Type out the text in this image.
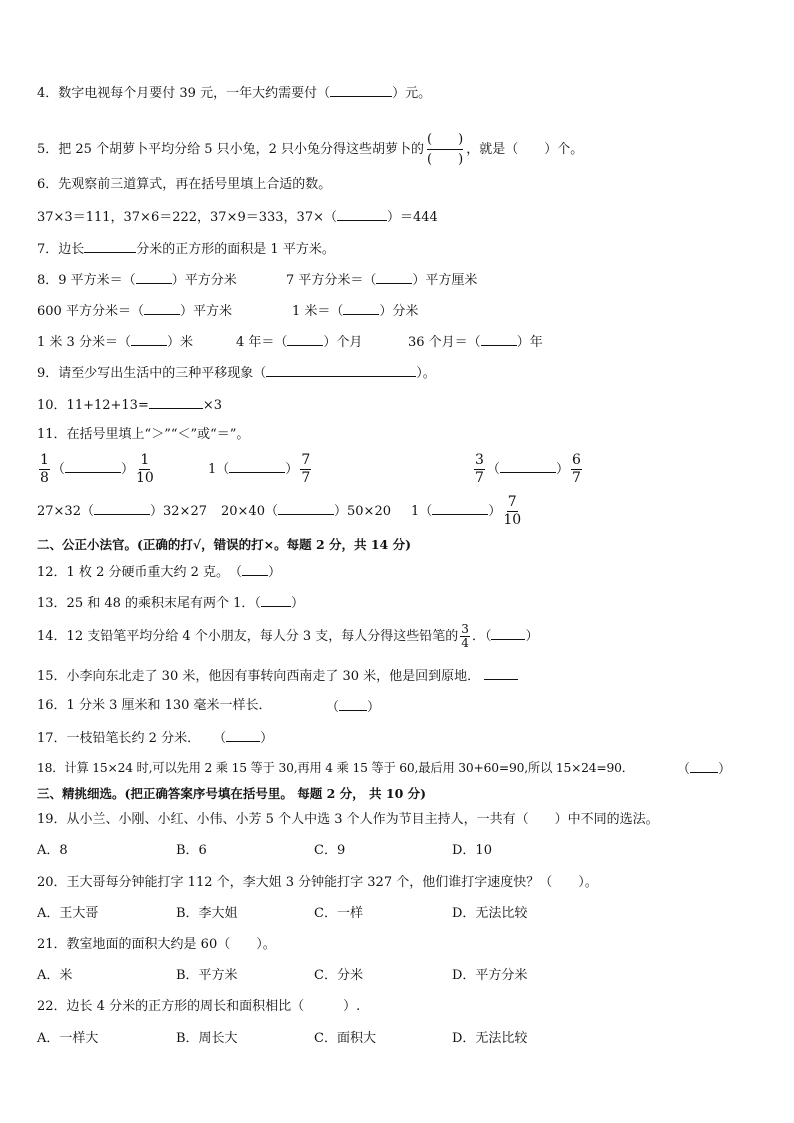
4．数字电视每个月要付 39 元，一年大约需要付（	）元。
5．把 25 个胡萝卜平均分给 5 只小兔，2 只小兔分得这些胡萝卜的
(　　)
(　　)
，就是（　　）个。
6．先观察前三道算式，再在括号里填上合适的数。
37×3＝111，37×6＝222，37×9＝333，37×（	）＝444
7．边长	分米的正方形的面积是 1 平方米。
8．9 平方米＝（	）平方分米	7 平方分米＝（	）平方厘米
600 平方分米＝（	）平方米	1 米＝（	）分米
1 米 3 分米＝（	）米	4 年＝（	）个月	36 个月＝（	）年
9．请至少写出生活中的三种平移现象（	）。
10．11+12+13=	×3
11．在括号里填上“＞”“＜”或“＝”。
$\frac{1}{8}$ （	） $\frac{1}{10}$	1（	） $\frac{7}{7}$	$\frac{3}{7}$ （	） $\frac{6}{7}$
27×32（	）32×27 20×40（	）50×20 1（	） $\frac{7}{10}$
二、公正小法官。(正确的打√，错误的打×。每题 2 分，共 14 分)
12．1 枚 2 分硬币重大约 2 克。　（ ）
13．25 和 48 的乘积末尾有两个 1．（ ）
14．12 支铅笔平均分给 4 个小朋友，每人分 3 支，每人分得这些铅笔的 $\frac{3}{4}$ ．（	）
15．小李向东北走了 30 米，他因有事转向西南走了 30 米，他是回到原地．
16．1 分米 3 厘米和 130 毫米一样长．	（ ）
17．一枝铅笔长约 2 分米．　　（	）
18．计算 15×24 时,可以先用 2 乘 15 等于 30,再用 4 乘 15 等于 60,最后用 30+60=90,所以 15×24=90．	（ ）
三、精挑细选。(把正确答案序号填在括号里。 每题 2 分， 共 10 分)
19．从小兰、小刚、小红、小伟、小芳 5 个人中选 3 个人作为节目主持人，一共有（　　）中不同的选法。
A．8	B．6	C．9	D．10
20．王大哥每分钟能打字 112 个，李大姐 3 分钟能打字 327 个，他们谁打字速度快？（　　）。
A．王大哥	B．李大姐	C．一样	D．无法比较
21．教室地面的面积大约是 60（　　）。
A．米	B．平方米	C．分米	D．平方分米
22．边长 4 分米的正方形的周长和面积相比（　　　）.
A．一样大	B．周长大	C．面积大	D．无法比较
